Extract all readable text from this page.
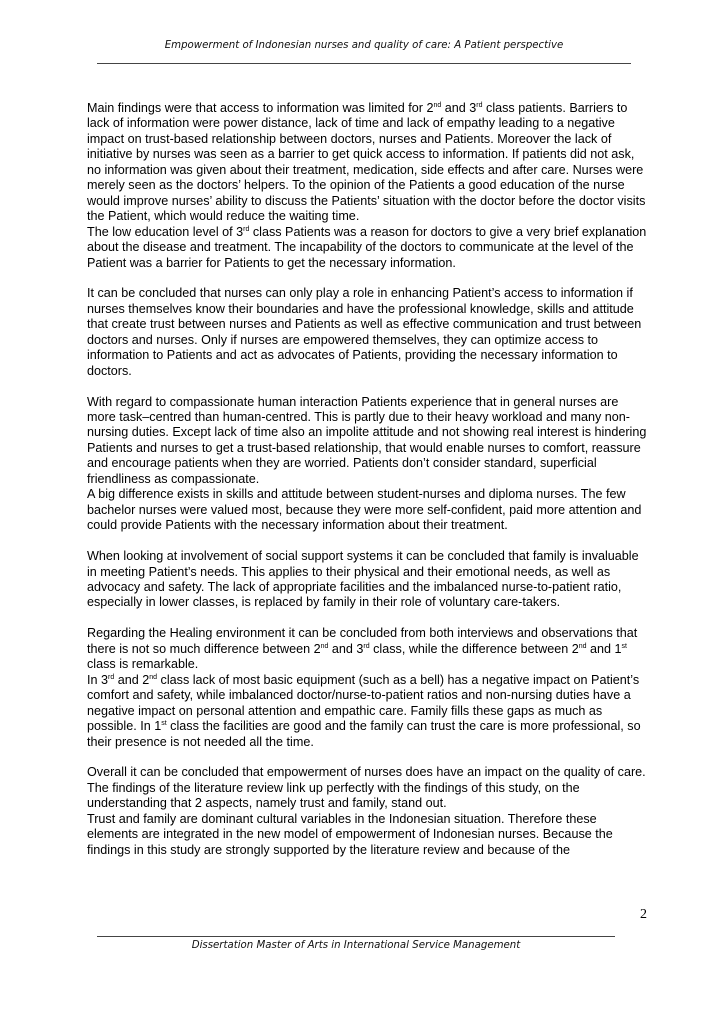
Empowerment of Indonesian nurses and quality of care: A Patient perspective

Main findings were that access to information was limited for 2nd and 3rd class patients. Barriers to lack of information were power distance, lack of time and lack of empathy leading to a negative impact on trust-based relationship between doctors, nurses and Patients. Moreover the lack of initiative by nurses was seen as a barrier to get quick access to information. If patients did not ask, no information was given about their treatment, medication, side effects and after care. Nurses were merely seen as the doctors’ helpers. To the opinion of the Patients a good education of the nurse would improve nurses’ ability to discuss the Patients’ situation with the doctor before the doctor visits the Patient, which would reduce the waiting time.

The low education level of 3rd class Patients was a reason for doctors to give a very brief explanation about the disease and treatment. The incapability of the doctors to communicate at the level of the Patient was a barrier for Patients to get the necessary information.

It can be concluded that nurses can only play a role in enhancing Patient’s access to information if nurses themselves know their boundaries and have the professional knowledge, skills and attitude that create trust between nurses and Patients as well as effective communication and trust between doctors and nurses. Only if nurses are empowered themselves, they can optimize access to information to Patients and act as advocates of Patients, providing the necessary information to doctors.

With regard to compassionate human interaction Patients experience that in general nurses are more task–centred than human-centred. This is partly due to their heavy workload and many non-nursing duties. Except lack of time also an impolite attitude and not showing real interest is hindering Patients and nurses to get a trust-based relationship, that would enable nurses to comfort, reassure and encourage patients when they are worried. Patients don’t consider standard, superficial friendliness as compassionate.

A big difference exists in skills and attitude between student-nurses and diploma nurses. The few bachelor nurses were valued most, because they were more self-confident, paid more attention and could provide Patients with the necessary information about their treatment.

When looking at involvement of social support systems it can be concluded that family is invaluable in meeting Patient’s needs. This applies to their physical and their emotional needs, as well as advocacy and safety. The lack of appropriate facilities and the imbalanced nurse-to-patient ratio, especially in lower classes, is replaced by family in their role of voluntary care-takers.

Regarding the Healing environment it can be concluded from both interviews and observations that there is not so much difference between 2nd and 3rd class, while the difference between 2nd and 1st class is remarkable.

In 3rd and 2nd class lack of most basic equipment (such as a bell) has a negative impact on Patient’s comfort and safety, while imbalanced doctor/nurse-to-patient ratios and non-nursing duties have a negative impact on personal attention and empathic care. Family fills these gaps as much as possible. In 1st class the facilities are good and the family can trust the care is more professional, so their presence is not needed all the time.

Overall it can be concluded that empowerment of nurses does have an impact on the quality of care. The findings of the literature review link up perfectly with the findings of this study, on the understanding that 2 aspects, namely trust and family, stand out.

Trust and family are dominant cultural variables in the Indonesian situation. Therefore these elements are integrated in the new model of empowerment of Indonesian nurses. Because the findings in this study are strongly supported by the literature review and because of the

2
Dissertation Master of Arts in International Service Management
